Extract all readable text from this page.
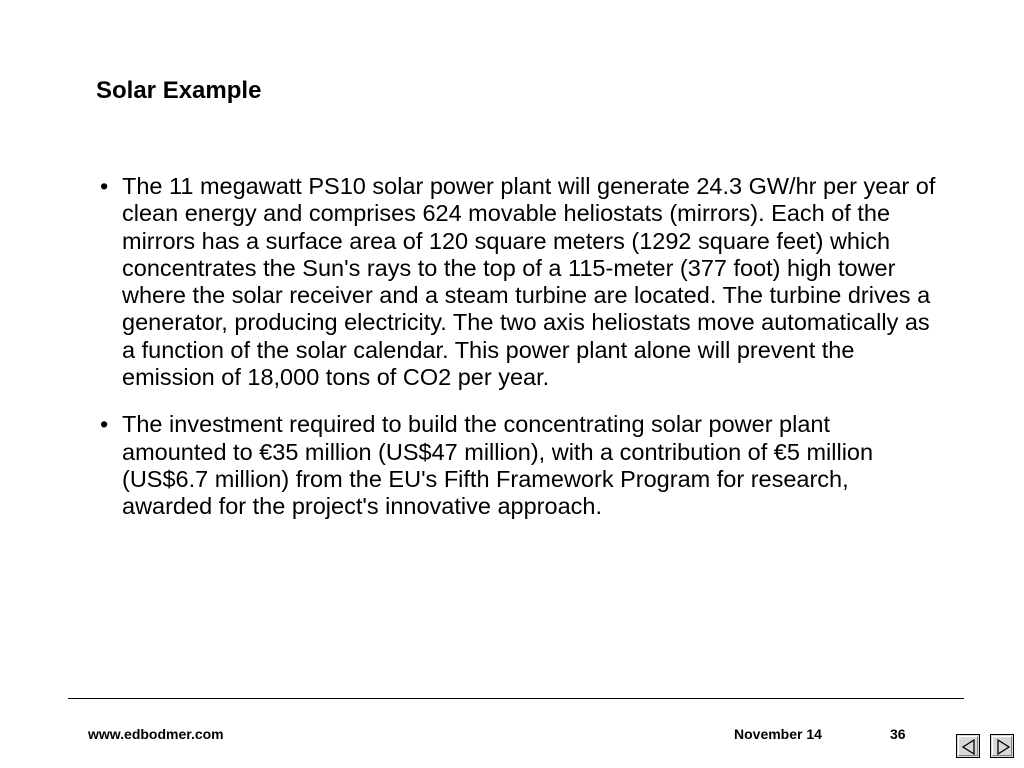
Solar Example
• The 11 megawatt PS10 solar power plant will generate 24.3 GW/hr per year of clean energy and comprises 624 movable heliostats (mirrors). Each of the mirrors has a surface area of 120 square meters (1292 square feet) which concentrates the Sun's rays to the top of a 115-meter (377 foot) high tower where the solar receiver and a steam turbine are located. The turbine drives a generator, producing electricity. The two axis heliostats move automatically as a function of the solar calendar. This power plant alone will prevent the emission of 18,000 tons of CO2 per year.
• The investment required to build the concentrating solar power plant amounted to €35 million (US$47 million), with a contribution of €5 million (US$6.7 million) from the EU's Fifth Framework Program for research, awarded for the project's innovative approach.
www.edbodmer.com	November 14	36
